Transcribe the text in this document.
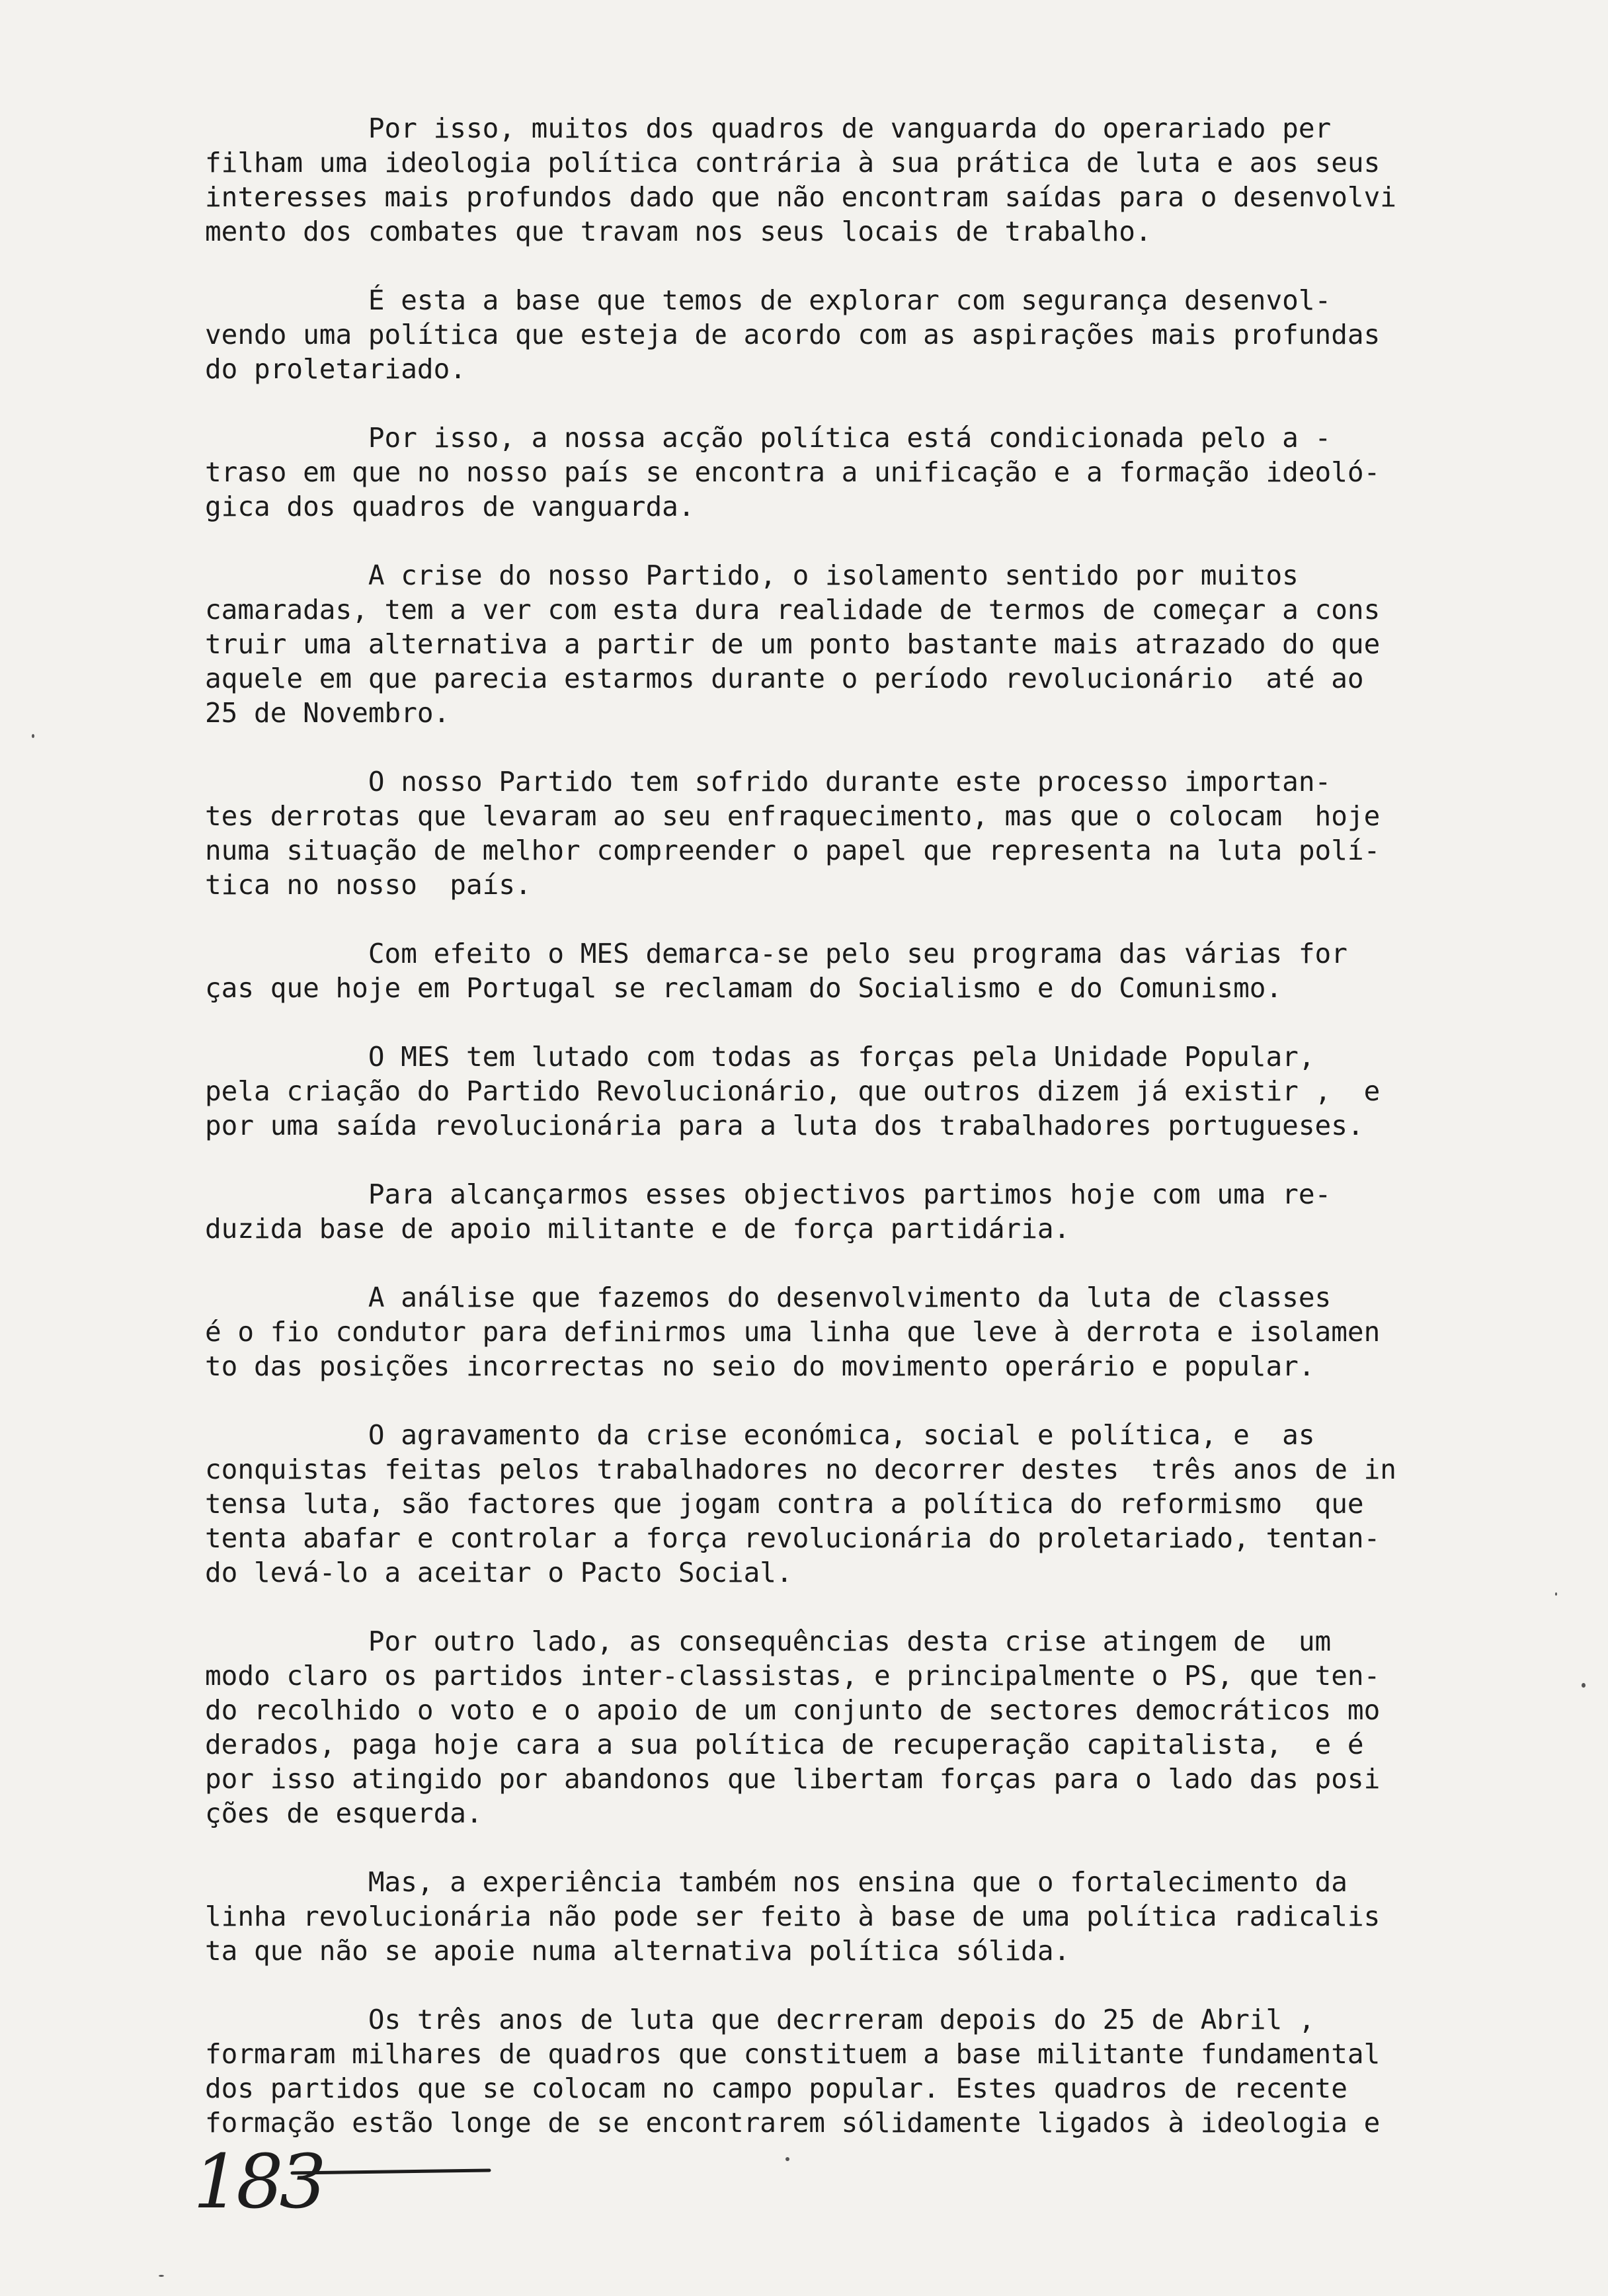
Por isso, muitos dos quadros de vanguarda do operariado per
filham uma ideologia política contrária à sua prática de luta e aos seus
interesses mais profundos dado que não encontram saídas para o desenvolvi
mento dos combates que travam nos seus locais de trabalho.
É esta a base que temos de explorar com segurança desenvol-
vendo uma política que esteja de acordo com as aspirações mais profundas
do proletariado.
Por isso, a nossa acção política está condicionada pelo a -
traso em que no nosso país se encontra a unificação e a formação ideoló-
gica dos quadros de vanguarda.
A crise do nosso Partido, o isolamento sentido por muitos
camaradas, tem a ver com esta dura realidade de termos de começar a cons
truir uma alternativa a partir de um ponto bastante mais atrazado do que
aquele em que parecia estarmos durante o período revolucionário  até ao
25 de Novembro.
O nosso Partido tem sofrido durante este processo importan-
tes derrotas que levaram ao seu enfraquecimento, mas que o colocam  hoje
numa situação de melhor compreender o papel que representa na luta polí-
tica no nosso  país.
Com efeito o MES demarca-se pelo seu programa das várias for
ças que hoje em Portugal se reclamam do Socialismo e do Comunismo.
O MES tem lutado com todas as forças pela Unidade Popular,
pela criação do Partido Revolucionário, que outros dizem já existir ,  e
por uma saída revolucionária para a luta dos trabalhadores portugueses.
Para alcançarmos esses objectivos partimos hoje com uma re-
duzida base de apoio militante e de força partidária.
A análise que fazemos do desenvolvimento da luta de classes
é o fio condutor para definirmos uma linha que leve à derrota e isolamen
to das posições incorrectas no seio do movimento operário e popular.
O agravamento da crise económica, social e política, e  as
conquistas feitas pelos trabalhadores no decorrer destes  três anos de in
tensa luta, são factores que jogam contra a política do reformismo  que
tenta abafar e controlar a força revolucionária do proletariado, tentan-
do levá-lo a aceitar o Pacto Social.
Por outro lado, as consequências desta crise atingem de  um
modo claro os partidos inter-classistas, e principalmente o PS, que ten-
do recolhido o voto e o apoio de um conjunto de sectores democráticos mo
derados, paga hoje cara a sua política de recuperação capitalista,  e é
por isso atingido por abandonos que libertam forças para o lado das posi
ções de esquerda.
Mas, a experiência também nos ensina que o fortalecimento da
linha revolucionária não pode ser feito à base de uma política radicalis
ta que não se apoie numa alternativa política sólida.
Os três anos de luta que decrreram depois do 25 de Abril ,
formaram milhares de quadros que constituem a base militante fundamental
dos partidos que se colocam no campo popular. Estes quadros de recente
formação estão longe de se encontrarem sólidamente ligados à ideologia e
183
